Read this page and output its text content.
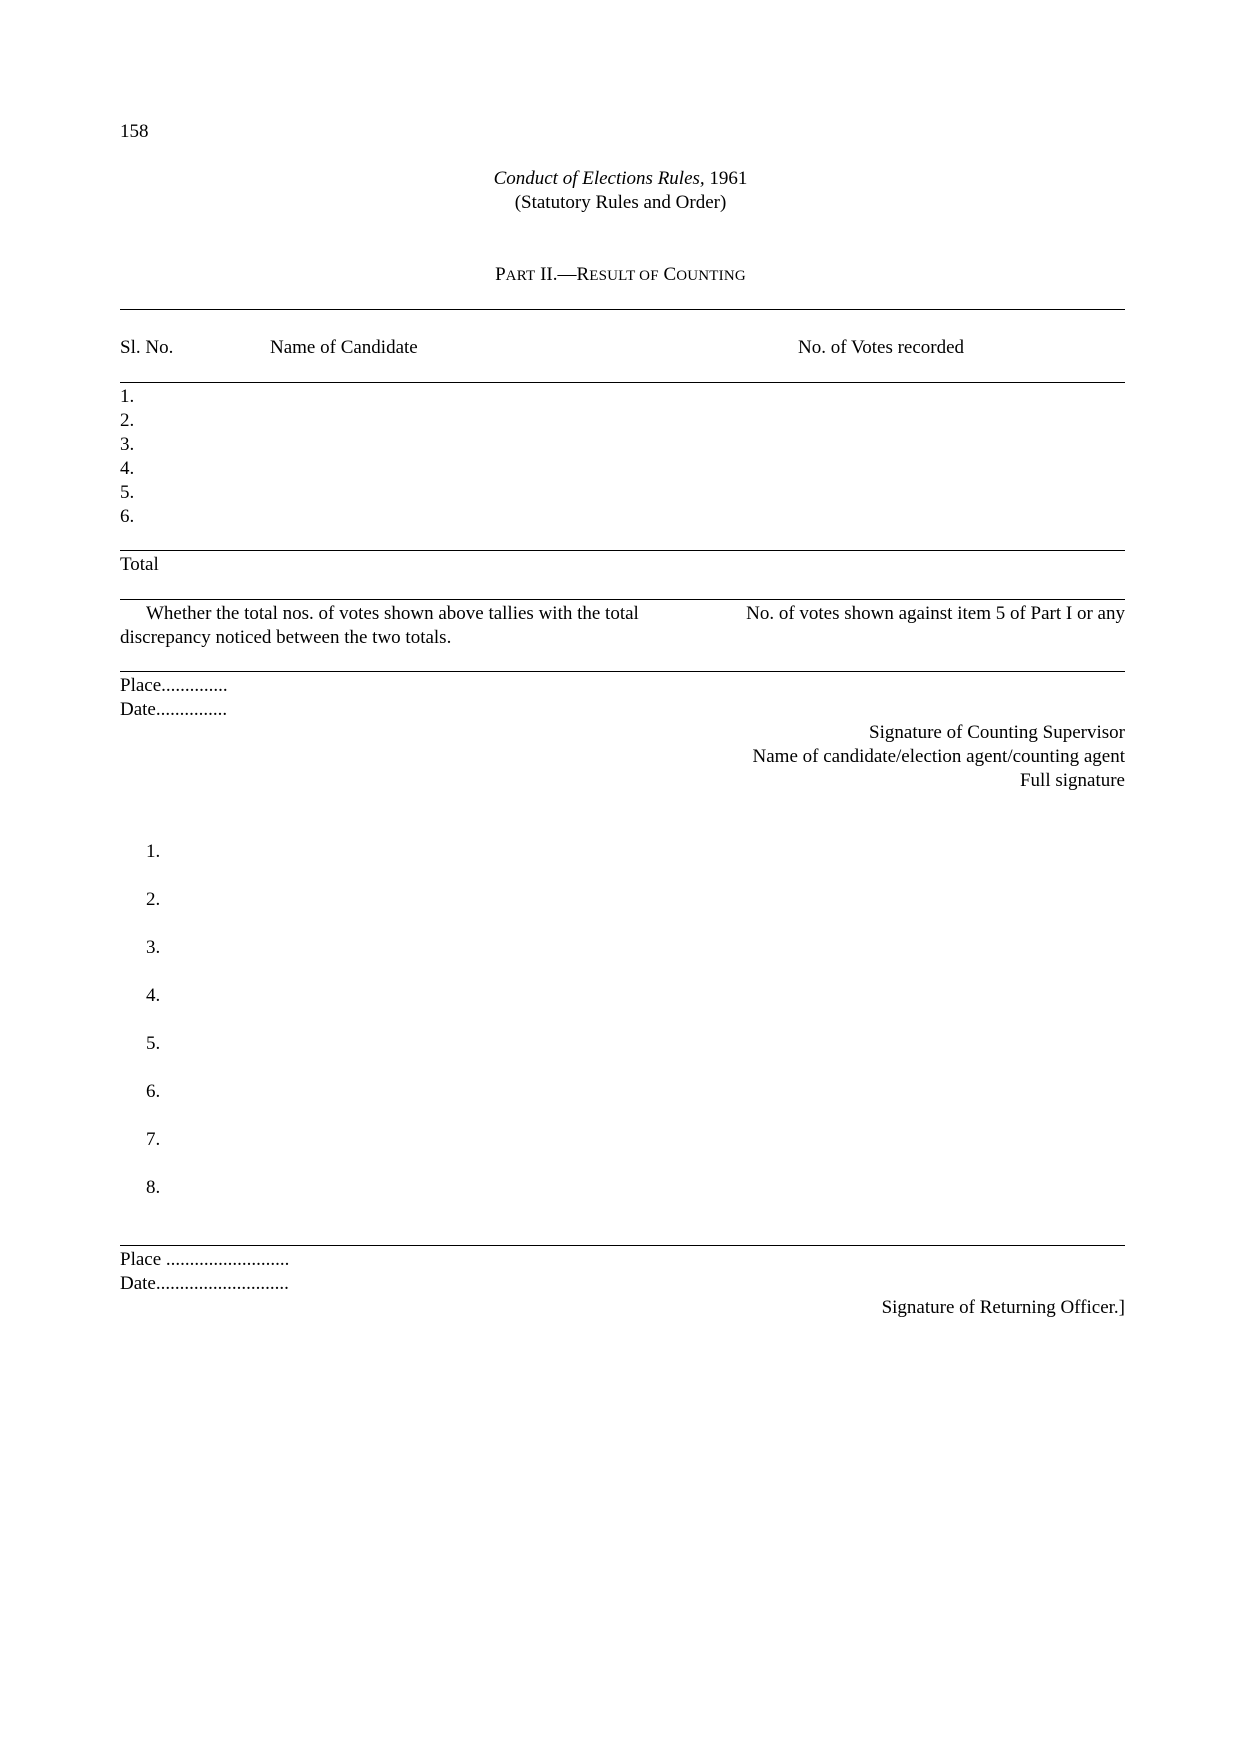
158
Conduct of Elections Rules, 1961
(Statutory Rules and Order)
PART II.—RESULT OF COUNTING
Sl. No.	Name of Candidate	No. of Votes recorded
1.
2.
3.
4.
5.
6.
Total
Whether the total nos. of votes shown above tallies with the total	No. of votes shown against item 5 of Part I or any
discrepancy noticed between the two totals.
Place..............
Date...............
Signature of Counting Supervisor
Name of candidate/election agent/counting agent
Full signature
1.
2.
3.
4.
5.
6.
7.
8.
Place ..........................
Date............................
Signature of Returning Officer.]
